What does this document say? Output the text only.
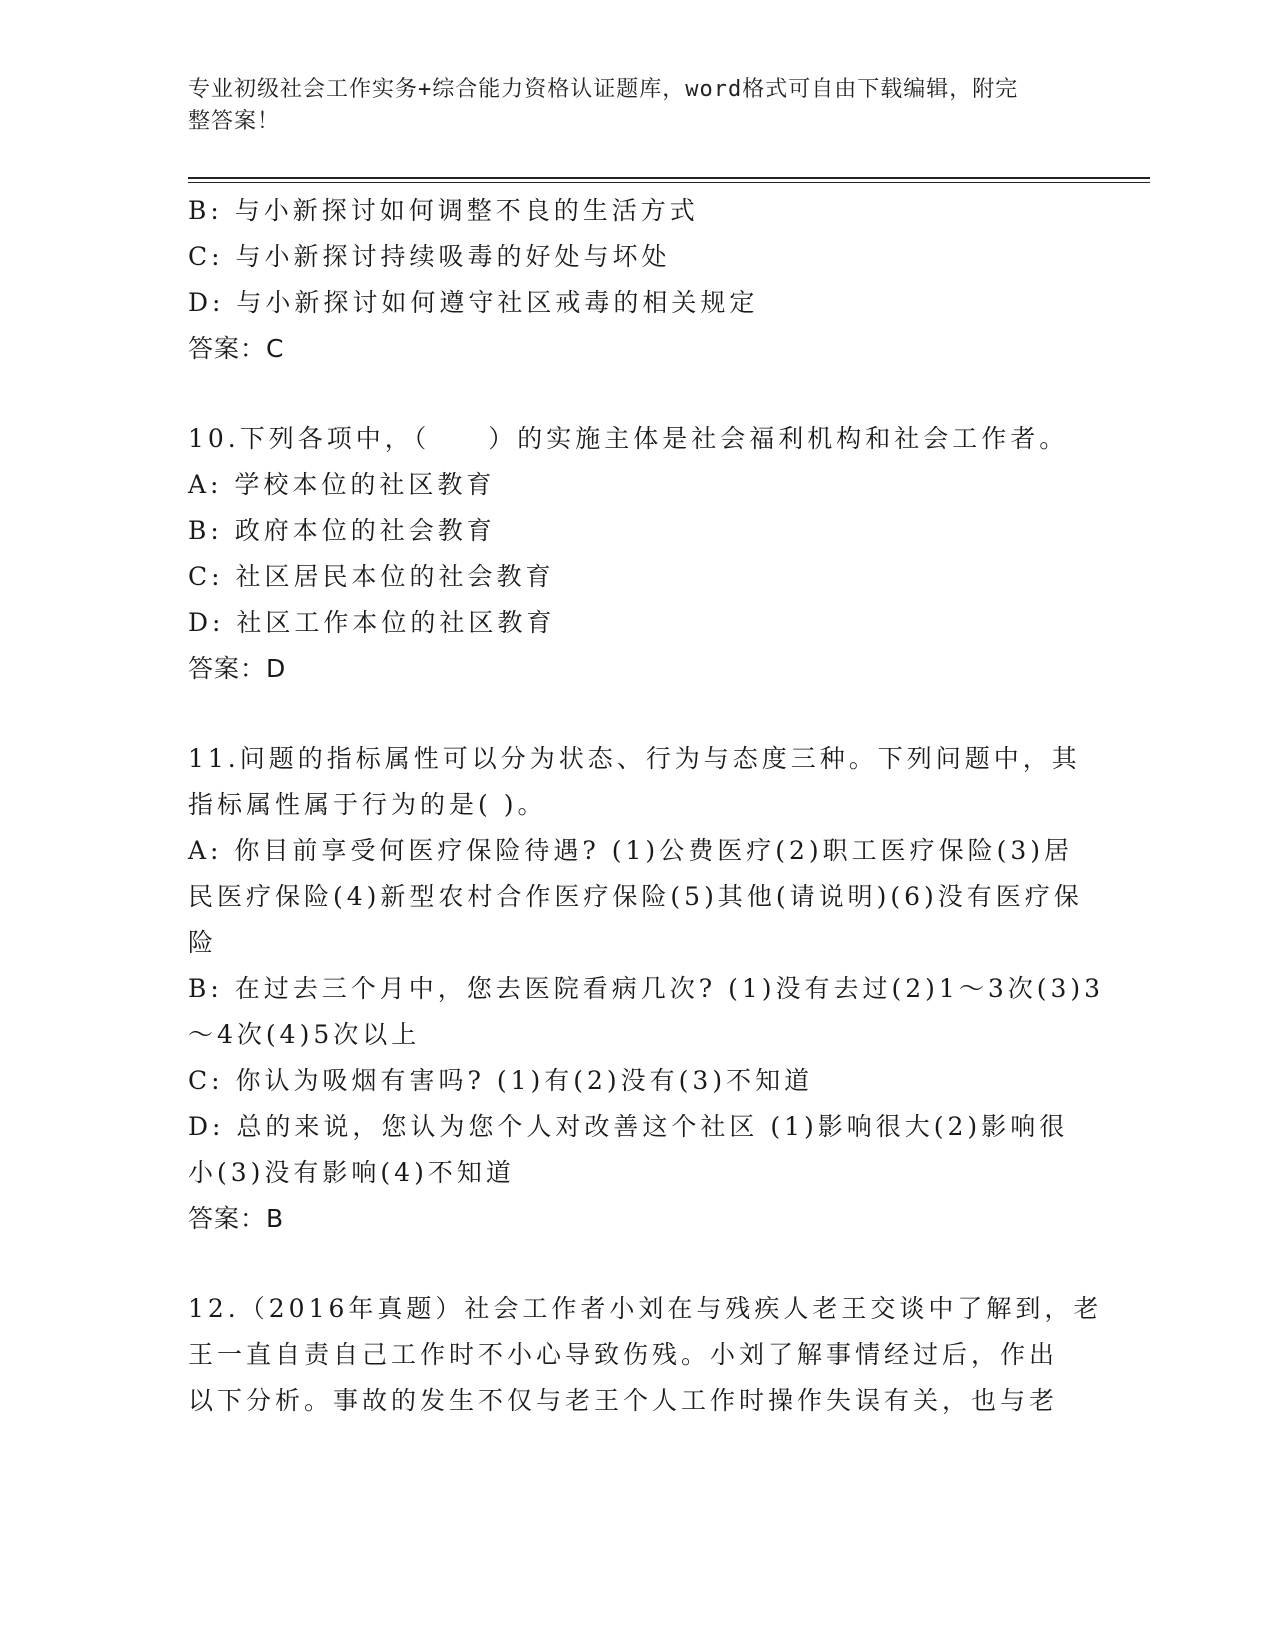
专业初级社会工作实务+综合能力资格认证题库，word格式可自由下载编辑，附完
整答案！
B: 与小新探讨如何调整不良的生活方式
C: 与小新探讨持续吸毒的好处与坏处
D: 与小新探讨如何遵守社区戒毒的相关规定
答案：C
10.下列各项中，（　　）的实施主体是社会福利机构和社会工作者。
A: 学校本位的社区教育
B: 政府本位的社会教育
C: 社区居民本位的社会教育
D: 社区工作本位的社区教育
答案：D
11.问题的指标属性可以分为状态、行为与态度三种。下列问题中，其
指标属性属于行为的是( )。
A: 你目前享受何医疗保险待遇? (1)公费医疗(2)职工医疗保险(3)居
民医疗保险(4)新型农村合作医疗保险(5)其他(请说明)(6)没有医疗保
险
B: 在过去三个月中，您去医院看病几次? (1)没有去过(2)1～3次(3)3
～4次(4)5次以上
C: 你认为吸烟有害吗? (1)有(2)没有(3)不知道
D: 总的来说，您认为您个人对改善这个社区 (1)影响很大(2)影响很
小(3)没有影响(4)不知道
答案：B
12.（2016年真题）社会工作者小刘在与残疾人老王交谈中了解到，老
王一直自责自己工作时不小心导致伤残。小刘了解事情经过后，作出
以下分析。事故的发生不仅与老王个人工作时操作失误有关，也与老
